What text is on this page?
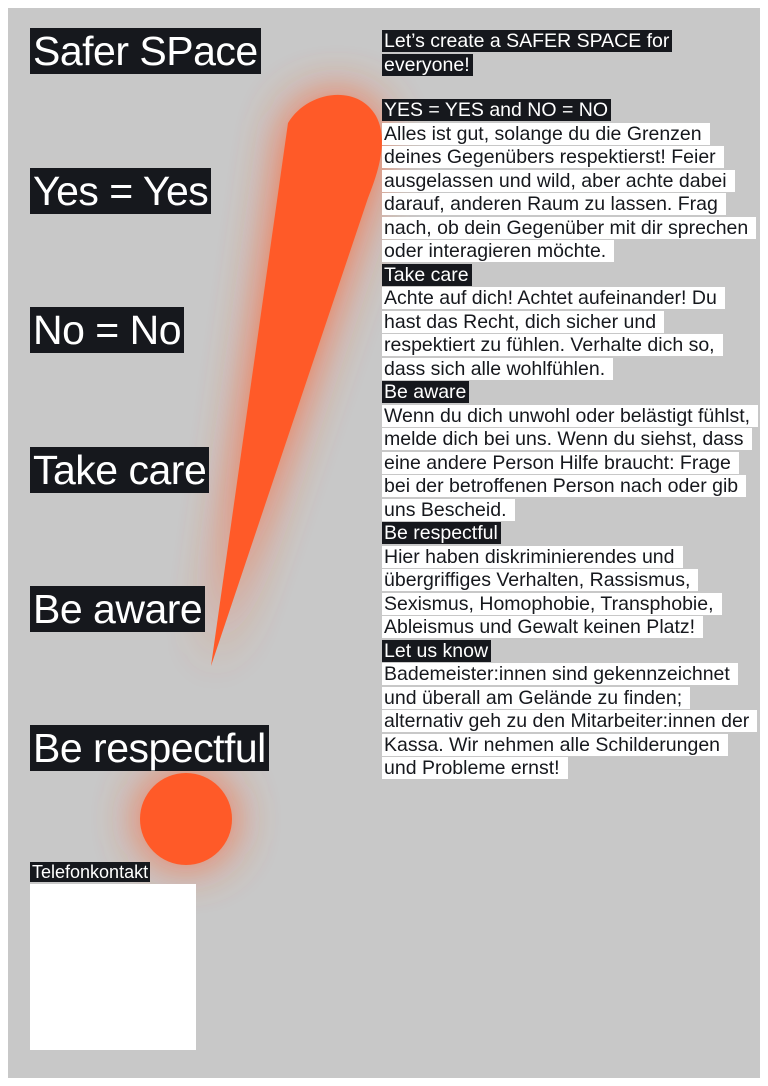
Safer SPace
Yes = Yes
No = No
Take care
Be aware
Be respectful

Let’s create a SAFER SPACE for everyone!

YES = YES and NO = NO
Alles ist gut, solange du die Grenzen deines Gegenübers respektierst! Feier ausgelassen und wild, aber achte dabei darauf, anderen Raum zu lassen. Frag nach, ob dein Gegenüber mit dir sprechen oder interagieren möchte.
Take care
Achte auf dich! Achtet aufeinander! Du hast das Recht, dich sicher und respektiert zu fühlen. Verhalte dich so, dass sich alle wohlfühlen.
Be aware
Wenn du dich unwohl oder belästigt fühlst, melde dich bei uns. Wenn du siehst, dass eine andere Person Hilfe braucht: Frage bei der betroffenen Person nach oder gib uns Bescheid.
Be respectful
Hier haben diskriminierendes und übergriffiges Verhalten, Rassismus, Sexismus, Homophobie, Transphobie, Ableismus und Gewalt keinen Platz!
Let us know
Bademeister:innen sind gekennzeichnet und überall am Gelände zu finden; alternativ geh zu den Mitarbeiter:innen der Kassa. Wir nehmen alle Schilderungen und Probleme ernst!
Telefonkontakt
